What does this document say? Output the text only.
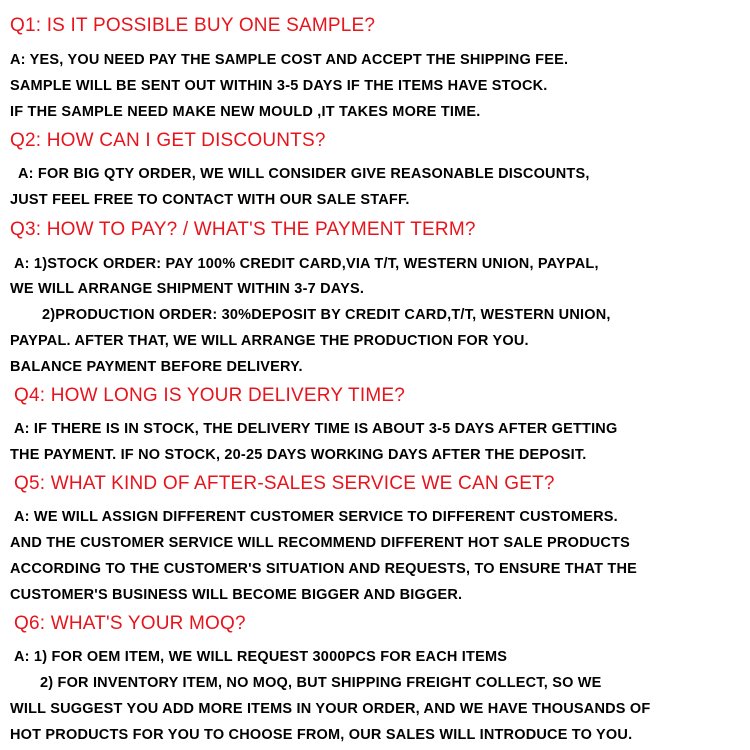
Q1: IS IT POSSIBLE BUY ONE SAMPLE?

A: YES, YOU NEED PAY THE SAMPLE COST AND ACCEPT THE SHIPPING FEE.

SAMPLE WILL BE SENT OUT WITHIN 3-5 DAYS IF THE ITEMS HAVE STOCK.

IF THE SAMPLE NEED MAKE NEW MOULD ,IT TAKES MORE TIME.

Q2: HOW CAN I GET DISCOUNTS?

A: FOR BIG QTY ORDER, WE WILL CONSIDER GIVE REASONABLE DISCOUNTS,

JUST FEEL FREE TO CONTACT WITH OUR SALE STAFF.

Q3: HOW TO PAY? / WHAT'S THE PAYMENT TERM?

A: 1)STOCK ORDER: PAY 100% CREDIT CARD,VIA T/T, WESTERN UNION, PAYPAL,

WE WILL ARRANGE SHIPMENT WITHIN 3-7 DAYS.

2)PRODUCTION ORDER: 30%DEPOSIT BY CREDIT CARD,T/T, WESTERN UNION,

PAYPAL. AFTER THAT, WE WILL ARRANGE THE PRODUCTION FOR YOU.

BALANCE PAYMENT BEFORE DELIVERY.

Q4: HOW LONG IS YOUR DELIVERY TIME?

A: IF THERE IS IN STOCK, THE DELIVERY TIME IS ABOUT 3-5 DAYS AFTER GETTING

THE PAYMENT. IF NO STOCK, 20-25 DAYS WORKING DAYS AFTER THE DEPOSIT.

Q5: WHAT KIND OF AFTER-SALES SERVICE WE CAN GET?

A: WE WILL ASSIGN DIFFERENT CUSTOMER SERVICE TO DIFFERENT CUSTOMERS.

AND THE CUSTOMER SERVICE WILL RECOMMEND DIFFERENT HOT SALE PRODUCTS

ACCORDING TO THE CUSTOMER'S SITUATION AND REQUESTS, TO ENSURE THAT THE

CUSTOMER'S BUSINESS WILL BECOME BIGGER AND BIGGER.

Q6: WHAT'S YOUR MOQ?

A: 1) FOR OEM ITEM, WE WILL REQUEST 3000PCS FOR EACH ITEMS

2) FOR INVENTORY ITEM, NO MOQ, BUT SHIPPING FREIGHT COLLECT, SO WE

WILL SUGGEST YOU ADD MORE ITEMS IN YOUR ORDER, AND WE HAVE THOUSANDS OF

HOT PRODUCTS FOR YOU TO CHOOSE FROM, OUR SALES WILL INTRODUCE TO YOU.
